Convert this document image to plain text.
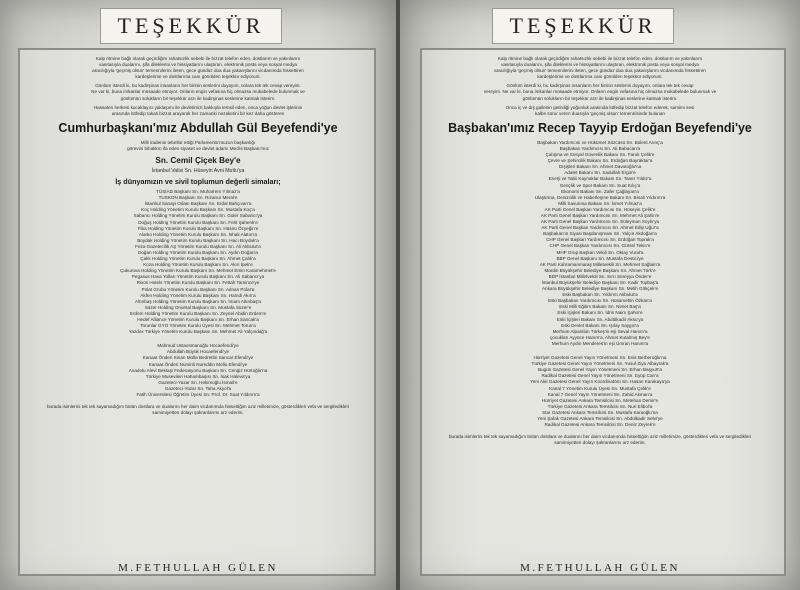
TEŞEKKÜR
Kalp ritmine bağlı olarak geçirdiğim rahatsızlık sebebi ile bizzat telefon eden, dostlarım ve yakınlarım
vasıtasıyla dualarını, şifa dileklerini ve hissiyatlarını ulaştıran, elektronik posta veya sosyal medya
aracılığıyla 'geçmiş olsun' temennilerini ileten, gece gündüz dua dua yakarışlarını vicdanımda hissettiren
kardeşlerime ve dostlarıma canı gönülden teşekkür ediyorum.

Gönlüm isterdi ki, bu kadirşinas insanların her birinin seslerini duyayım, onlara tek tek cevap vereyim.
Ne var ki, buna imkanlar müsaade etmiyor. Onların engin vefasına hiç olmazsa mukabelede bulunmak ve
gönlümün solukların bir teşekkür arzı ile kadirşinas seslerine katmak isterim.

Hassaten herkesi kucaklayıcı yaklaşımı ile devletimizi bakkıyla temsil eden, onca yoğun devlet işlerinin
arasında lütfedip takati bizzat arayarak her zamanki nezaketini bir kez daha gösteren
Cumhurbaşkanı'mız Abdullah Gül Beyefendi'ye
Milli iradenin tebellür ettiği Parlamento'muzun başkanlığı
görevini bihakkın ifa eden siyaset ve devlet adamı Meclis Başkanı'mız
Sn. Cemil Çiçek Bey'e
İstanbul Valisi Sn. Hüseyin Avni Mutlu'ya
İş dünyamızın ve sivil toplumun değerli simaları;
TÜSİAD Başkanı Sn. Muharrem Yılmaz'a
TUSKON Başkanı Sn. Rızanur Meral'e
İstanbul Sanayi Odası Başkanı Sn. Erdal Bahçıvan'a
Koç Holding Yönetim Kurulu Başkanı Sn. Mustafa Koç'a
Sabancı Holding Yönetim Kurulu Başkanı Sn. Güler Sabancı'ya
Doğuş Holding Yönetim Kurulu Başkanı Sn. Ferit Şahenk'e
Fiba Holding Yönetim Kurulu Başkanı Sn. Hüsnü Özyeğin'e
Alarko Holding Yönetim Kurulu Başkanı Sn. İshak Alaton'a
Boydak Holding Yönetim Kurulu Başkanı Sn. Hacı Boydak'a
Feza Gazetecilik AŞ Yönetim Kurulu Başkanı Sn. Ali Akbulut'a
Doğan Holding Yönetim Kurulu Başkanı Sn. Aydın Doğan'a
Çalık Holding Yönetim Kurulu Başkanı Sn. Ahmet Çalık'a
Koza Holding Yönetim Kurulu Başkanı Sn. Akın İpek'e
Çukurova Holding Yönetim Kurulu Başkanı Sn. Mehmet Emin Karamehmet'e
Pegasus Hava Yolları Yönetim Kurulu Başkanı Sn. Ali Sabancı'ya
Rixos Hotels Yönetim Kurulu Başkanı Sn. Fettah Tamince'ye
Polat Grubu Yönetim Kurulu Başkanı Sn. Adnan Polat'a
Akfen Holding Yönetim Kurulu Başkanı Sn. Hamdi Akın'a
Altınbaş Holding Yönetim Kurulu Başkanı Sn. İmam Altınbaş'a
Süzer Holding Onursal Başkanı Sn. Mustafa Süzer'e
Erdem Holding Yönetim Kurulu Başkanı Sn. Zeynel Abidin Erdem'e
Hedef Alliance Yönetim Kurulu Başkanı Sn. Erhan Sancak'a
Torunlar GYO Yönetim Kurulu Üyesi Sn. Mehmet Torun'a
Yazdex Türkiye Yönetim Kurulu Başkanı Sn. Mehmet Ali Yalçındağ'a
Mahmud Ustaosmanoğlu Hocaefendi'ye
Abdullah Büyük Hocaefendi'ye
Kanaat Önderi Sinan Molla Bedrettin Sancar Efendi'ye
Kanaat Önderi Nursinli Nureddin Mollu Efendi'ye
Anadolu Alevi Bektaşi Federasyonu Başkanı Sn. Cengiz Hürtoğlu'na
Türkiye Musevileri Hahambaşısı Sn. İsak Haleva'ya
Gazeteci-Yazar Sn. Hekimoğlu İsmail'e
Gazeteci-Yazar Sn. Taha Akyol'a
Fatih Üniversitesi Öğretim Üyesi Sn. Prof. Dr. Suat Yıldırım'a
burada isimlerini tek tek sayamadığım bütün dostlara ve dualarını her daim vicdanımda hissettiğim aziz milletimize, gösterdikleri vefa ve sergiledikleri samimiyetten dolayı şükranlarımı arz ederim.
M.FETHULLAH GÜLEN
TEŞEKKÜR
Kalp ritmine bağlı olarak geçirdiğim rahatsızlık sebebi ile bizzat telefon eden, dostlarım ve yakınlarım
vasıtasıyla dualarını, şifa dileklerini ve hissiyatlarını ulaştıran, elektronik posta veya sosyal medya
aracılığıyla 'geçmiş olsun' temennilerini ileten, gece gündüz dua dua yakarışlarını vicdanımda hissettiren
kardeşlerime ve dostlarıma canı gönülden teşekkür ediyorum.

Gönlüm isterdi ki, bu kadirşinas insanların her birinin seslerini duyayım, onlara tek tek cevap
vereyim. Ne var ki, buna imkanlar müsaade etmiyor. Onların engin vefasına hiç olmazsa mukabelede bulunmak ve
gönlümün solukların bir teşekkür arzı ile kadirşinas seslerine katmak isterim.

Onca iç ve dış gailenin getirdiği yoğunluk arasında lütfedip bizzat telefon ederek, samimi sesi
kalbe sürur veren duasıyla 'geçmiş olsun' temennisinde bulunan
Başbakan'ımız Recep Tayyip Erdoğan Beyefendi'ye
Başbakan Yardımcısı ve Hükümet Sözcüsü Sn. Bülent Arınç'a
Başbakan Yardımcısı Sn. Ali Babacan'a
Çalışma ve Sosyal Güvenlik Bakanı Sn. Faruk Çelik'e
Çevre ve Şehircilik Bakanı Sn. Erdoğan Bayraktar'a
Dışişleri Bakanı Sn. Ahmet Davutoğlu'na
Adalet Bakanı Sn. Sadullah Ergin'e
Enerji ve Tabii Kaynaklar Bakanı Sn. Taner Yıldız'a
Gençlik ve Spor Bakanı Sn. Suat Kılıç'a
Ekonomi Bakanı Sn. Zafer Çağlayan'a
Ulaştırma, Denizcilik ve Haberleşme Bakanı Sn. Binali Yıldırım'a
Milli Savunma Bakanı Sn. İsmet Yılmaz'a
AK Parti Genel Başkan Yardımcısı Sn. Hüseyin Çelik'e
AK Parti Genel Başkan Yardımcısı Sn. Mehmet Ali Şahin'e
AK Parti Genel Başkan Yardımcısı Sn. Süleyman Soylu'ya
AK Parti Genel Başkan Yardımcısı Sn. Ahmet Edip Uğur'a
Başbakan'ın Siyasi Başdanışmanı Sn. Yalçın Akdoğan'a
CHP Genel Başkan Yardımcısı Sn. Erdoğan Toprak'a
CHP Genel Başkan Yardımcısı Sn. Gürsel Tekin'e
MHP Grup Başkan Vekili Sn. Oktay Vural'a
BBP Genel Başkanı Sn. Mustafa Destici'ye
AK Parti Kahramanmaraş Milletvekili Sn. Mehmet Sağlam'a
Mardin Büyükşehir Belediye Başkanı Sn. Ahmet Türk'e
BDP İstanbul Milletvekili Sn. Sırrı Süreyya Önder'e
İstanbul Büyükşehir Belediye Başkanı Sn. Kadir Topbaş'a
Ankara Büyükşehir Belediye Başkanı Sn. Melih Gökçek'e
Eski Başbakan Sn. Yıldırım Akbulut'a
Eski Başbakan Yardımcısı Sn. Hüsamettin Özkan'a
Eski Milli Eğitim Bakanı Sn. Nimet Baş'a
Eski İçişleri Bakanı Sn. İdris Naim Şahin'e
Eski İçişleri Bakanı Sn. Abdülkadir Aksu'ya
Eski Devlet Bakanı Sn. Işılay Saygın'a
Merhum Alparslan Türkeş'in eşi Seval Hanım'a
çocukları Ayyüce Hanım'a, Ahmet Kutalmış Bey'e
Merhum Aydın Menderes'in eşi Ümran Hanım'a
Hürriyet Gazetesi Genel Yayın Yönetmeni Sn. Enis Berberoğlu'na
Türkiye Gazetesi Genel Yayın Yönetmeni Sn. Yusuf Ziya Albayrak'a
Bugün Gazetesi Genel Yayın Yönetmeni Sn. Erhan Başyurt'a
Radikal Gazetesi Genel Yayın Yönetmeni Sn. Eyüp Can'a
Yeni Akit Gazetesi Genel Yayın Koordinatörü Sn. Hasan Karakaya'ya
Kanal 7 Yönetim Kurulu Üyesi Sn. Mustafa Çelik'e
Kanal 7 Genel Yayın Yönetmeni Sn. Zahid Akman'a
Hürriyet Gazetesi Ankara Temsilcisi Sn. Metehan Demir'e
Türkiye Gazetesi Ankara Temsilcisi Sn. Nuri Elibol'a
Star Gazetesi Ankara Temsilcisi Sn. Mustafa Karaoğlu'na
Yeni Şafak Gazetesi Ankara Temsilcisi Sn. Abdülkadir Selvi'ye
Radikal Gazetesi Ankara Temsilcisi Sn. Deniz Zeyrek'e
burada isimlerini tek tek sayamadığım bütün dostlara ve dualarını her daim vicdanımda hissettiğim aziz milletimize, gösterdikleri vefa ve sergiledikleri samimiyetten dolayı şükranlarımı arz ederim.
M.FETHULLAH GÜLEN
